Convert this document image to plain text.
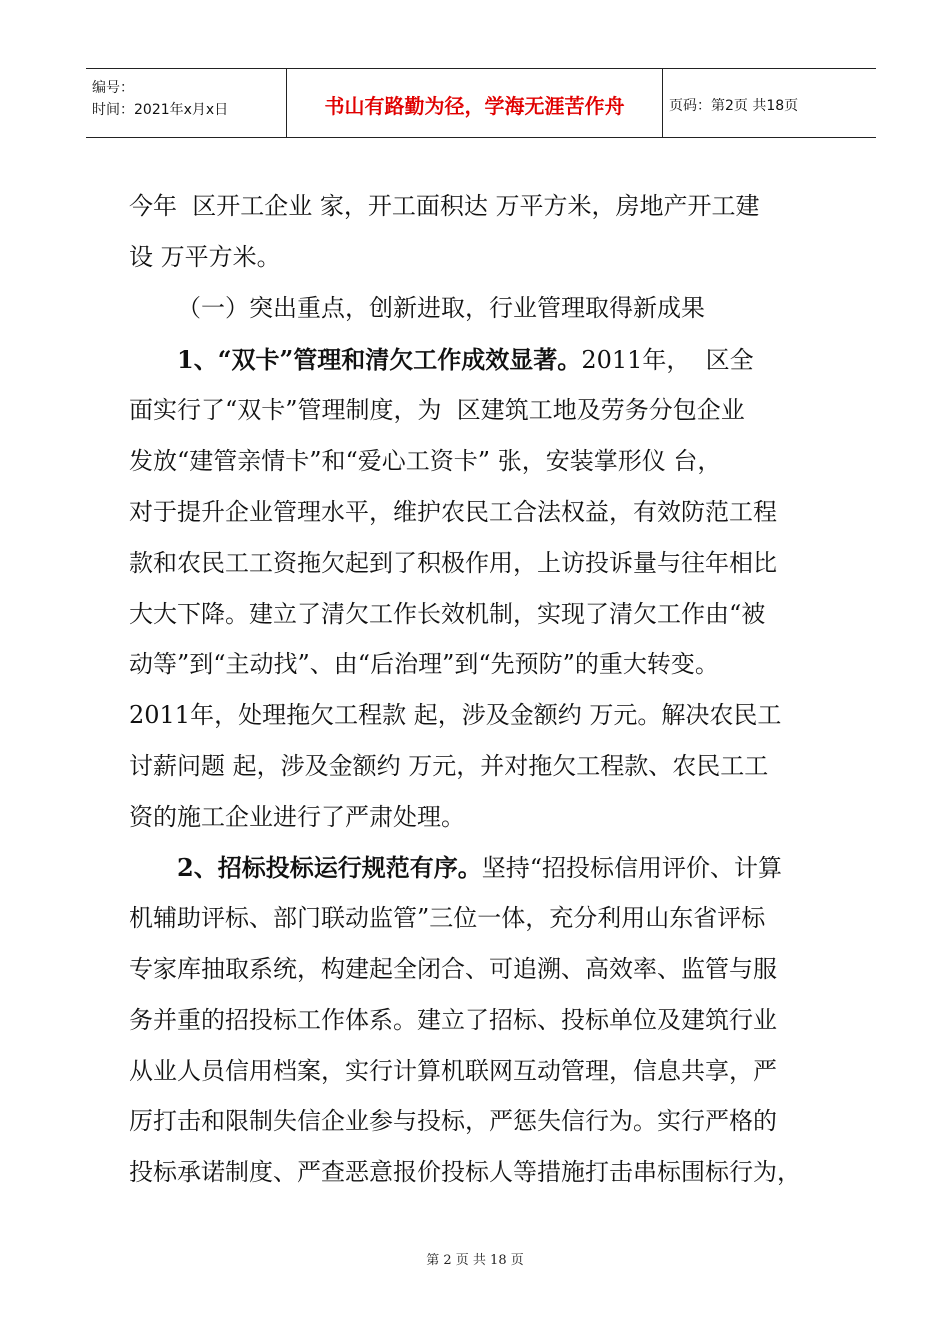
编号：
时间：2021年x月x日	书山有路勤为径，学海无涯苦作舟	页码：第2页 共18页
今年  区开工企业 家，开工面积达 万平方米，房地产开工建
设 万平方米。
（一）突出重点，创新进取，行业管理取得新成果
1、“双卡”管理和清欠工作成效显著。2011年，  区全
面实行了“双卡”管理制度，为  区建筑工地及劳务分包企业
发放“建管亲情卡”和“爱心工资卡” 张，安装掌形仪 台，
对于提升企业管理水平，维护农民工合法权益，有效防范工程
款和农民工工资拖欠起到了积极作用，上访投诉量与往年相比
大大下降。建立了清欠工作长效机制，实现了清欠工作由“被
动等”到“主动找”、由“后治理”到“先预防”的重大转变。
2011年，处理拖欠工程款 起，涉及金额约 万元。解决农民工
讨薪问题 起，涉及金额约 万元，并对拖欠工程款、农民工工
资的施工企业进行了严肃处理。
2、招标投标运行规范有序。坚持“招投标信用评价、计算
机辅助评标、部门联动监管”三位一体，充分利用山东省评标
专家库抽取系统，构建起全闭合、可追溯、高效率、监管与服
务并重的招投标工作体系。建立了招标、投标单位及建筑行业
从业人员信用档案，实行计算机联网互动管理，信息共享，严
厉打击和限制失信企业参与投标，严惩失信行为。实行严格的
投标承诺制度、严查恶意报价投标人等措施打击串标围标行为，
第 2 页 共 18 页
